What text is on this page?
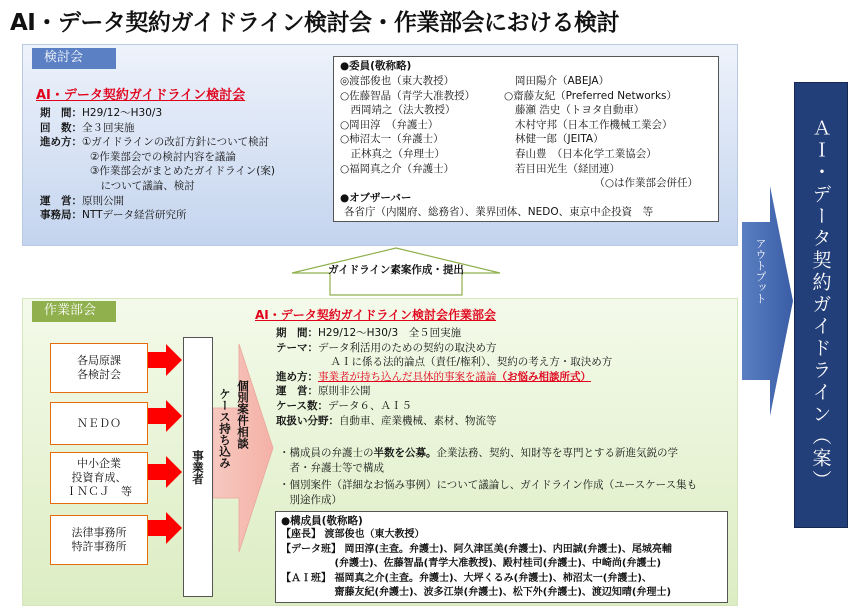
AI・データ契約ガイドライン検討会・作業部会における検討
検討会
AI・データ契約ガイドライン検討会
期　間：H29/12～H30/3
回　数：全３回実施
進め方：①ガイドラインの改訂方針について検討
②作業部会での検討内容を議論
③作業部会がまとめたガイドライン(案)
　について議論、検討
運　営：原則公開
事務局：NTTデータ経営研究所
●委員(敬称略)
◎渡部俊也（東大教授）
○佐藤智晶（青学大准教授）
　西岡靖之（法大教授）
○岡田淳　（弁護士）
○柿沼太一（弁護士）
　正林真之（弁理士）
○福岡真之介（弁護士）
岡田陽介（ABEJA）
○齋藤友紀（Preferred Networks）
藤瀬 浩史（トヨタ自動車）
木村守邦（日本工作機械工業会）
林健一郎（JEITA）
春山豊　（日本化学工業協会）
若目田光生（経団連）
（○は作業部会併任）
●オブザーバー
各省庁（内閣府、総務省）、業界団体、NEDO、東京中企投資　等
ガイドライン素案作成・提出	アウトプット	ＡＩ・データ契約ガイドライン（案）
作業部会	AI・データ契約ガイドライン検討会作業部会
各局原課
各検討会
ＮＥＤＯ
中小企業
投資育成、
ＩＮＣＪ　等
法律事務所
特許事務所
事業者
個別案件相談
ケース持ち込み
期　間：H29/12～H30/3　全５回実施
テーマ：データ利活用のための契約の取決め方
　ＡＩに係る法的論点（責任/権利）、契約の考え方・取決め方
進め方：事業者が持ち込んだ具体的事案を議論（お悩み相談所式）
運　営：原則非公開
ケース数：データ６、ＡＩ５
取扱い分野：自動車、産業機械、素材、物流等
・構成員の弁護士の半数を公募。企業法務、契約、知財等を専門とする新進気鋭の学
　者・弁護士等で構成
・個別案件（詳細なお悩み事例）について議論し、ガイドライン作成（ユースケース集も
　別途作成）
●構成員(敬称略)
【座長】 渡部俊也（東大教授）
【データ班】 岡田淳(主査。弁護士)、阿久津匡美(弁護士)、内田誠(弁護士)、尾城亮輔
　　　　　 (弁護士)、佐藤智晶(青学大准教授)、殿村桂司(弁護士)、中崎尚(弁護士)
【ＡＩ班】 福岡真之介(主査。弁護士)、大坪くるみ(弁護士)、柿沼太一(弁護士)、
　　　　　 齋藤友紀(弁護士)、波多江崇(弁護士)、松下外(弁護士)、渡辺知晴(弁理士)
